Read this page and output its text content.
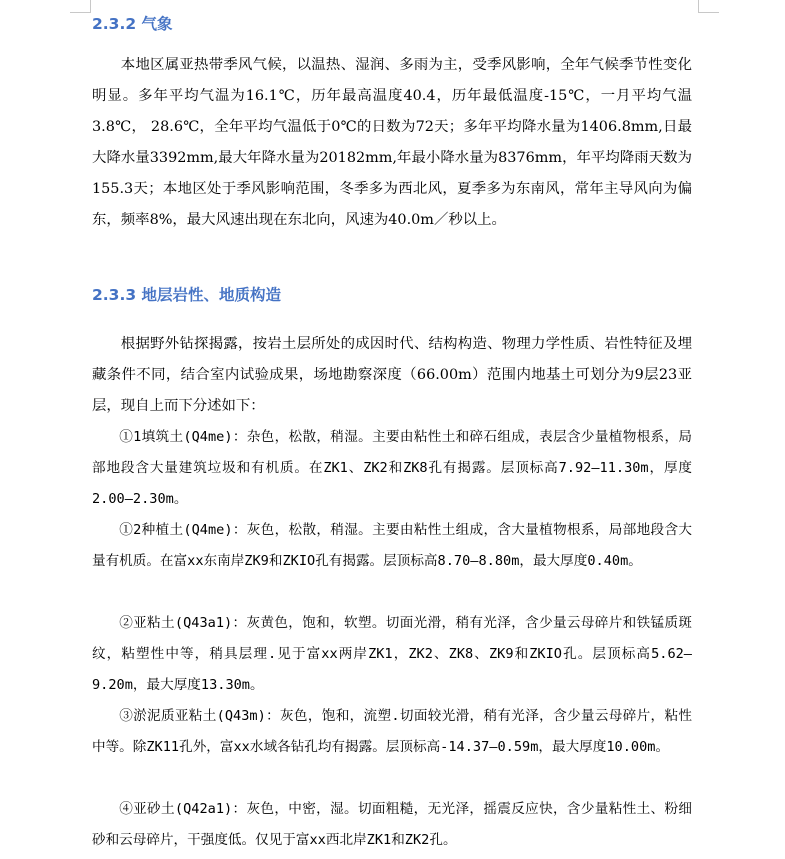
2.3.2 气象

本地区属亚热带季风气候，以温热、湿润、多雨为主，受季风影响，全年气候季节性变化明显。多年平均气温为16.1℃，历年最高温度40.4，历年最低温度-15℃，一月平均气温3.8℃， 28.6℃，全年平均气温低于0℃的日数为72天；多年平均降水量为1406.8mm,日最大降水量3392mm,最大年降水量为20182mm,年最小降水量为8376mm，年平均降雨天数为155.3天；本地区处于季风影响范围，冬季多为西北风，夏季多为东南风，常年主导风向为偏东，频率8%，最大风速出现在东北向，风速为40.0m／秒以上。

2.3.3 地层岩性、地质构造

根据野外钻探揭露，按岩土层所处的成因时代、结构构造、物理力学性质、岩性特征及埋藏条件不同，结合室内试验成果，场地勘察深度（66.00m）范围内地基土可划分为9层23亚层，现自上而下分述如下：

①1填筑土(Q4me)：杂色，松散，稍湿。主要由粘性土和碎石组成，表层含少量植物根系，局部地段含大量建筑垃圾和有机质。在ZK1、ZK2和ZK8孔有揭露。层顶标高7.92—11.30m，厚度2.00—2.30m。

①2种植土(Q4me)：灰色，松散，稍湿。主要由粘性土组成，含大量植物根系，局部地段含大量有机质。在富xx东南岸ZK9和ZKIO孔有揭露。层顶标高8.70—8.80m，最大厚度0.40m。

②亚粘土(Q43a1)：灰黄色，饱和，软塑。切面光滑，稍有光泽，含少量云母碎片和铁锰质斑纹，粘塑性中等，稍具层理.见于富xx两岸ZK1，ZK2、ZK8、ZK9和ZKIO孔。层顶标高5.62—9.20m，最大厚度13.30m。

③淤泥质亚粘土(Q43m)：灰色，饱和，流塑.切面较光滑，稍有光泽，含少量云母碎片，粘性中等。除ZK11孔外，富xx水域各钻孔均有揭露。层顶标高-14.37—0.59m，最大厚度10.00m。

④亚砂土(Q42a1)：灰色，中密，湿。切面粗糙，无光泽，摇震反应快，含少量粘性土、粉细砂和云母碎片，干强度低。仅见于富xx西北岸ZK1和ZK2孔。
